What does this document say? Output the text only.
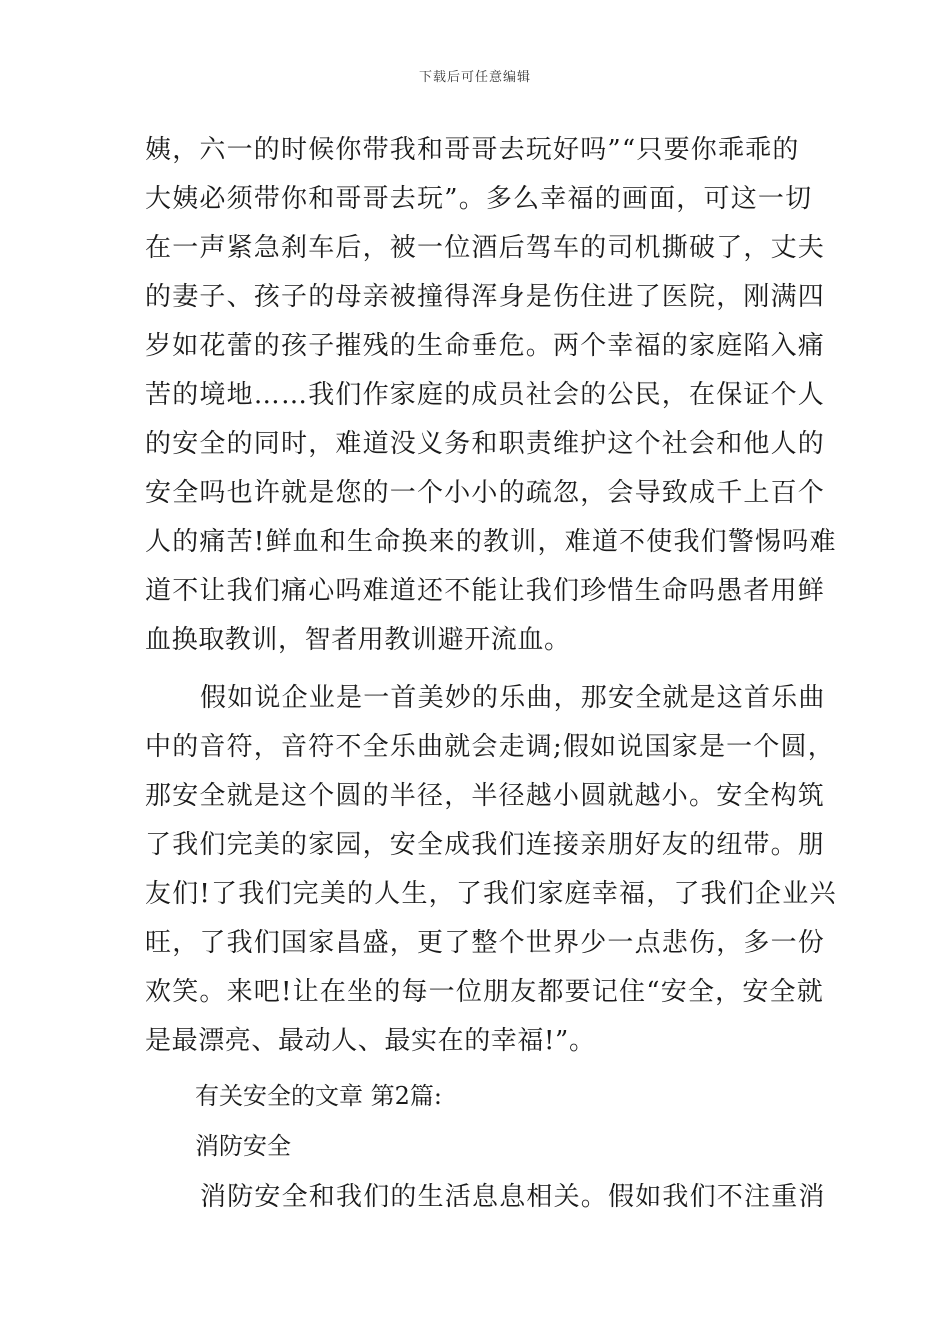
下载后可任意编辑
姨，六一的时候你带我和哥哥去玩好吗”“只要你乖乖的
大姨必须带你和哥哥去玩”。多么幸福的画面，可这一切
在一声紧急刹车后，被一位酒后驾车的司机撕破了，丈夫
的妻子、孩子的母亲被撞得浑身是伤住进了医院，刚满四
岁如花蕾的孩子摧残的生命垂危。两个幸福的家庭陷入痛
苦的境地……我们作家庭的成员社会的公民，在保证个人
的安全的同时，难道没义务和职责维护这个社会和他人的
安全吗也许就是您的一个小小的疏忽，会导致成千上百个
人的痛苦!鲜血和生命换来的教训，难道不使我们警惕吗难
道不让我们痛心吗难道还不能让我们珍惜生命吗愚者用鲜
血换取教训，智者用教训避开流血。
假如说企业是一首美妙的乐曲，那安全就是这首乐曲
中的音符，音符不全乐曲就会走调;假如说国家是一个圆，
那安全就是这个圆的半径，半径越小圆就越小。安全构筑
了我们完美的家园，安全成我们连接亲朋好友的纽带。朋
友们!了我们完美的人生，了我们家庭幸福，了我们企业兴
旺，了我们国家昌盛，更了整个世界少一点悲伤，多一份
欢笑。来吧!让在坐的每一位朋友都要记住“安全，安全就
是最漂亮、最动人、最实在的幸福!”。
有关安全的文章 第2篇:
消防安全
消防安全和我们的生活息息相关。假如我们不注重消
